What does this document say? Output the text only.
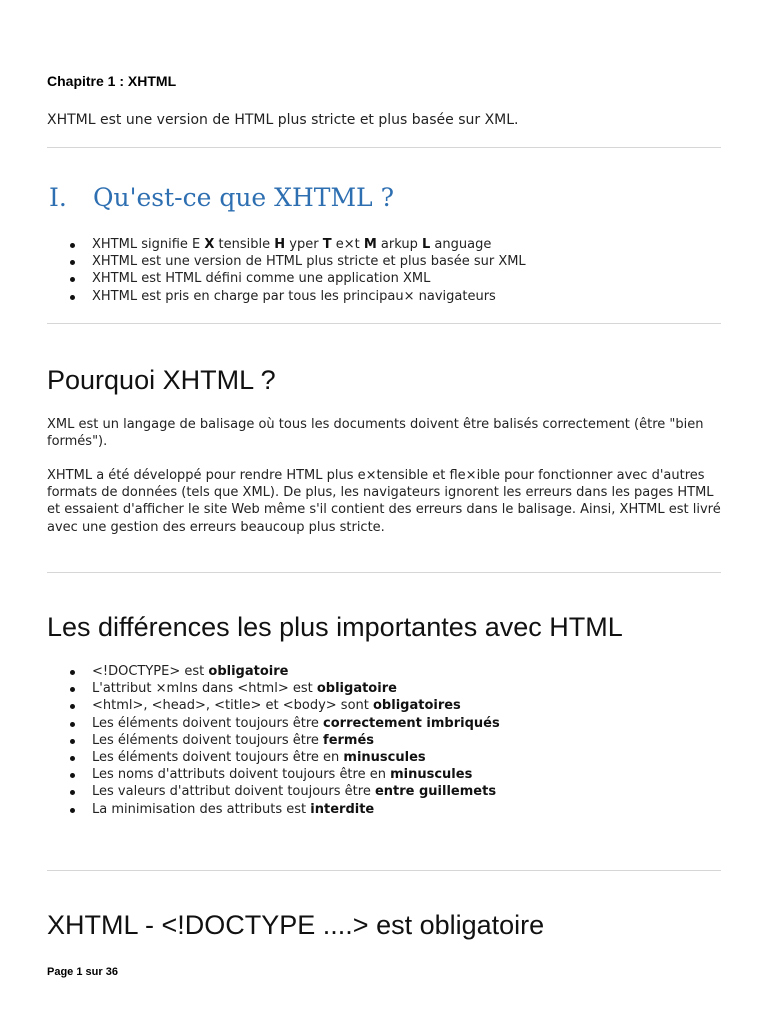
Chapitre 1 : XHTML
XHTML est une version de HTML plus stricte et plus basée sur XML.
I. Qu'est-ce que XHTML ?
XHTML signifie E X tensible H yper T e×t M arkup L anguage
XHTML est une version de HTML plus stricte et plus basée sur XML
XHTML est HTML défini comme une application XML
XHTML est pris en charge par tous les principau× navigateurs
Pourquoi XHTML ?

XML est un langage de balisage où tous les documents doivent être balisés correctement (être "bien formés").

XHTML a été développé pour rendre HTML plus e×tensible et fle×ible pour fonctionner avec d'autres formats de données (tels que XML). De plus, les navigateurs ignorent les erreurs dans les pages HTML et essaient d'afficher le site Web même s'il contient des erreurs dans le balisage. Ainsi, XHTML est livré avec une gestion des erreurs beaucoup plus stricte.

Les différences les plus importantes avec HTML
<!DOCTYPE> est obligatoire
L'attribut ×mlns dans <html> est obligatoire
<html>, <head>, <title> et <body> sont obligatoires
Les éléments doivent toujours être correctement imbriqués
Les éléments doivent toujours être fermés
Les éléments doivent toujours être en minuscules
Les noms d'attributs doivent toujours être en minuscules
Les valeurs d'attribut doivent toujours être entre guillemets
La minimisation des attributs est interdite
XHTML - <!DOCTYPE ....> est obligatoire
Page 1 sur 36
